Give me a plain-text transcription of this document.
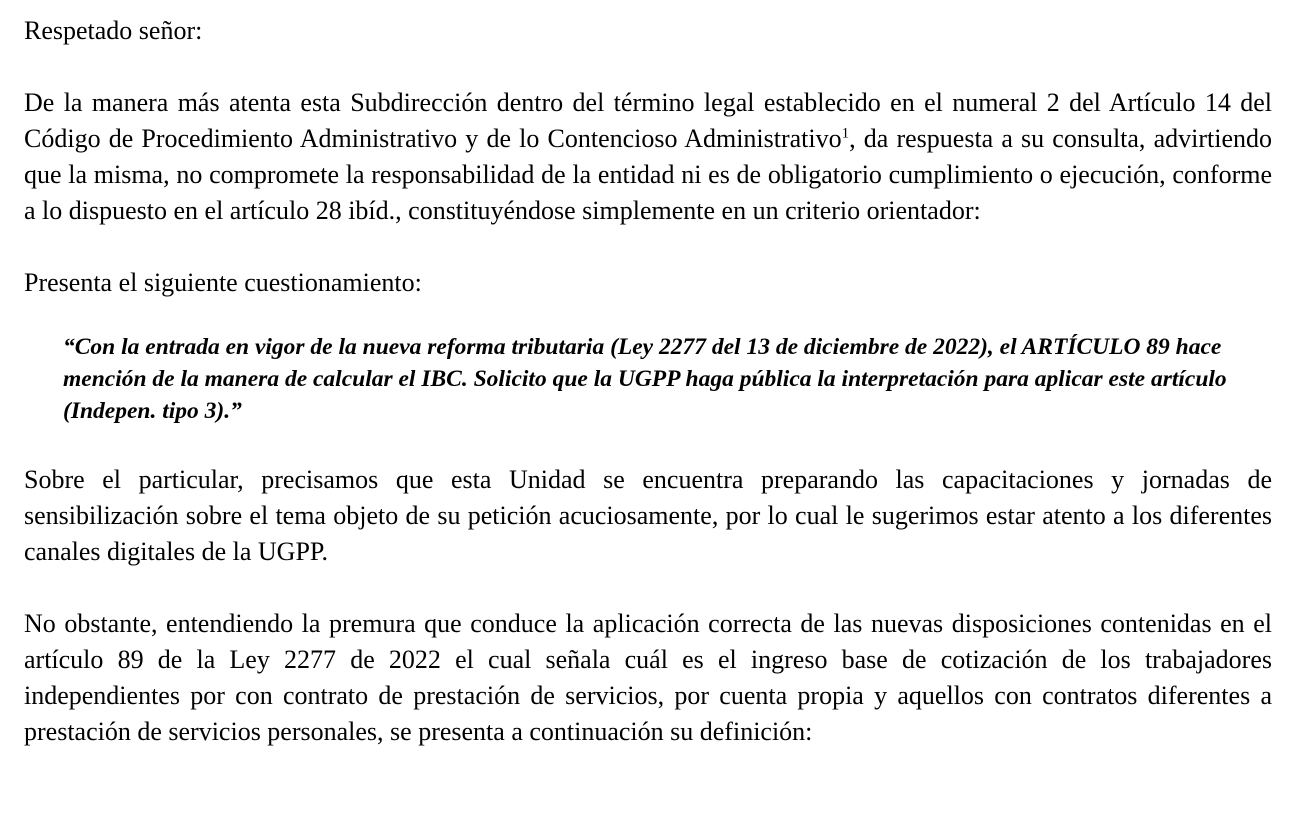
Respetado señor:

De la manera más atenta esta Subdirección dentro del término legal establecido en el numeral 2 del Artículo 14 del Código de Procedimiento Administrativo y de lo Contencioso Administrativo$^1$, da respuesta a su consulta, advirtiendo que la misma, no compromete la responsabilidad de la entidad ni es de obligatorio cumplimiento o ejecución, conforme a lo dispuesto en el artículo 28 ibíd., constituyéndose simplemente en un criterio orientador:

Presenta el siguiente cuestionamiento:

“Con la entrada en vigor de la nueva reforma tributaria (Ley 2277 del 13 de diciembre de 2022), el ARTÍCULO 89 hace mención de la manera de calcular el IBC. Solicito que la UGPP haga pública la interpretación para aplicar este artículo (Indepen. tipo 3).”

Sobre el particular, precisamos que esta Unidad se encuentra preparando las capacitaciones y jornadas de sensibilización sobre el tema objeto de su petición acuciosamente, por lo cual le sugerimos estar atento a los diferentes canales digitales de la UGPP.

No obstante, entendiendo la premura que conduce la aplicación correcta de las nuevas disposiciones contenidas en el artículo 89 de la Ley 2277 de 2022 el cual señala cuál es el ingreso base de cotización de los trabajadores independientes por con contrato de prestación de servicios, por cuenta propia y aquellos con contratos diferentes a prestación de servicios personales, se presenta a continuación su definición:
